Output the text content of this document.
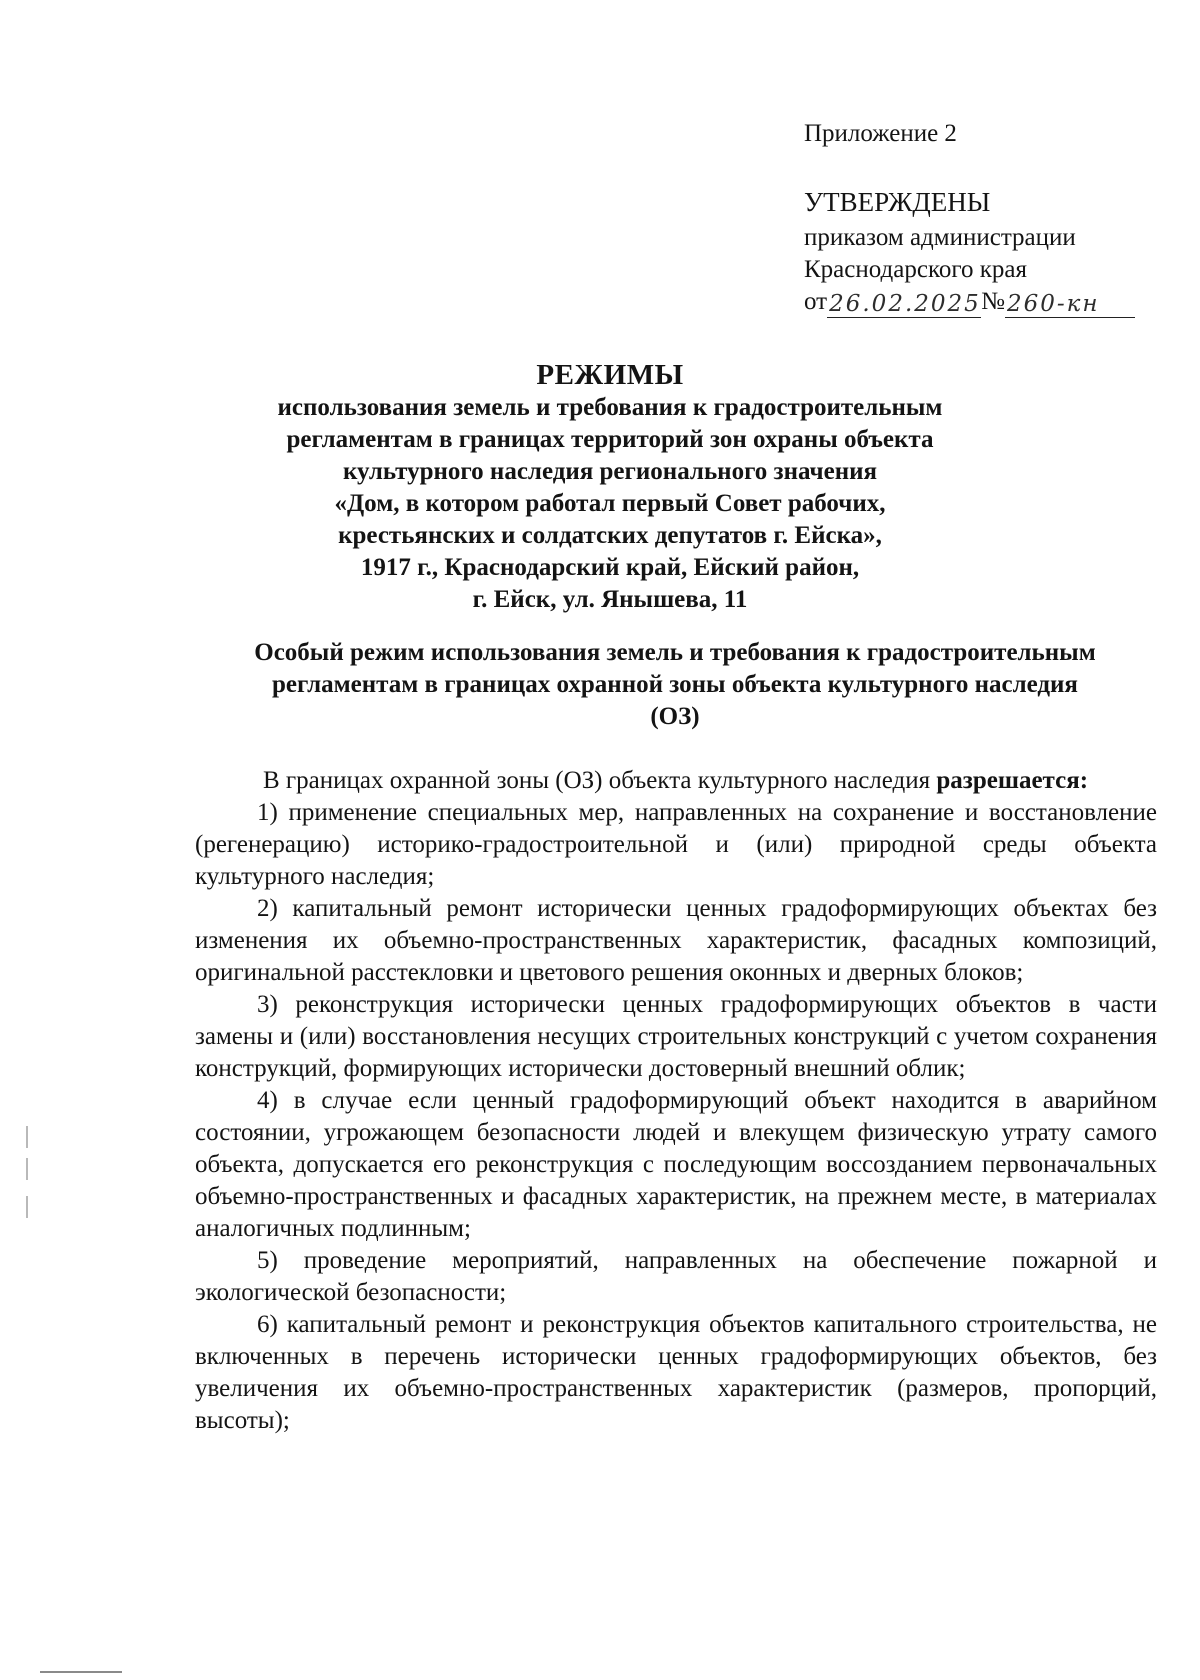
Приложение 2
УТВЕРЖДЕНЫ
приказом администрации
Краснодарского края
от 26.02.2025 № 260-кн
РЕЖИМЫ
использования земель и требования к градостроительным
регламентам в границах территорий зон охраны объекта
культурного наследия регионального значения
«Дом, в котором работал первый Совет рабочих,
крестьянских и солдатских депутатов г. Ейска»,
1917 г., Краснодарский край, Ейский район,
г. Ейск, ул. Янышева, 11
Особый режим использования земель и требования к градостроительным
регламентам в границах охранной зоны объекта культурного наследия
(ОЗ)

В границах охранной зоны (ОЗ) объекта культурного наследия разрешается:

1) применение специальных мер, направленных на сохранение и восстановление (регенерацию) историко-градостроительной и (или) природной среды объекта культурного наследия;

2) капитальный ремонт исторически ценных градоформирующих объектах без изменения их объемно-пространственных характеристик, фасадных композиций, оригинальной расстекловки и цветового решения оконных и дверных блоков;

3) реконструкция исторически ценных градоформирующих объектов в части замены и (или) восстановления несущих строительных конструкций с учетом сохранения конструкций, формирующих исторически достоверный внешний облик;

4) в случае если ценный градоформирующий объект находится в аварийном состоянии, угрожающем безопасности людей и влекущем физическую утрату самого объекта, допускается его реконструкция с последующим воссозданием первоначальных объемно-пространственных и фасадных характеристик, на прежнем месте, в материалах аналогичных подлинным;

5) проведение мероприятий, направленных на обеспечение пожарной и экологической безопасности;

6) капитальный ремонт и реконструкция объектов капитального строительства, не включенных в перечень исторически ценных градоформирующих объектов, без увеличения их объемно-пространственных характеристик (размеров, пропорций, высоты);
